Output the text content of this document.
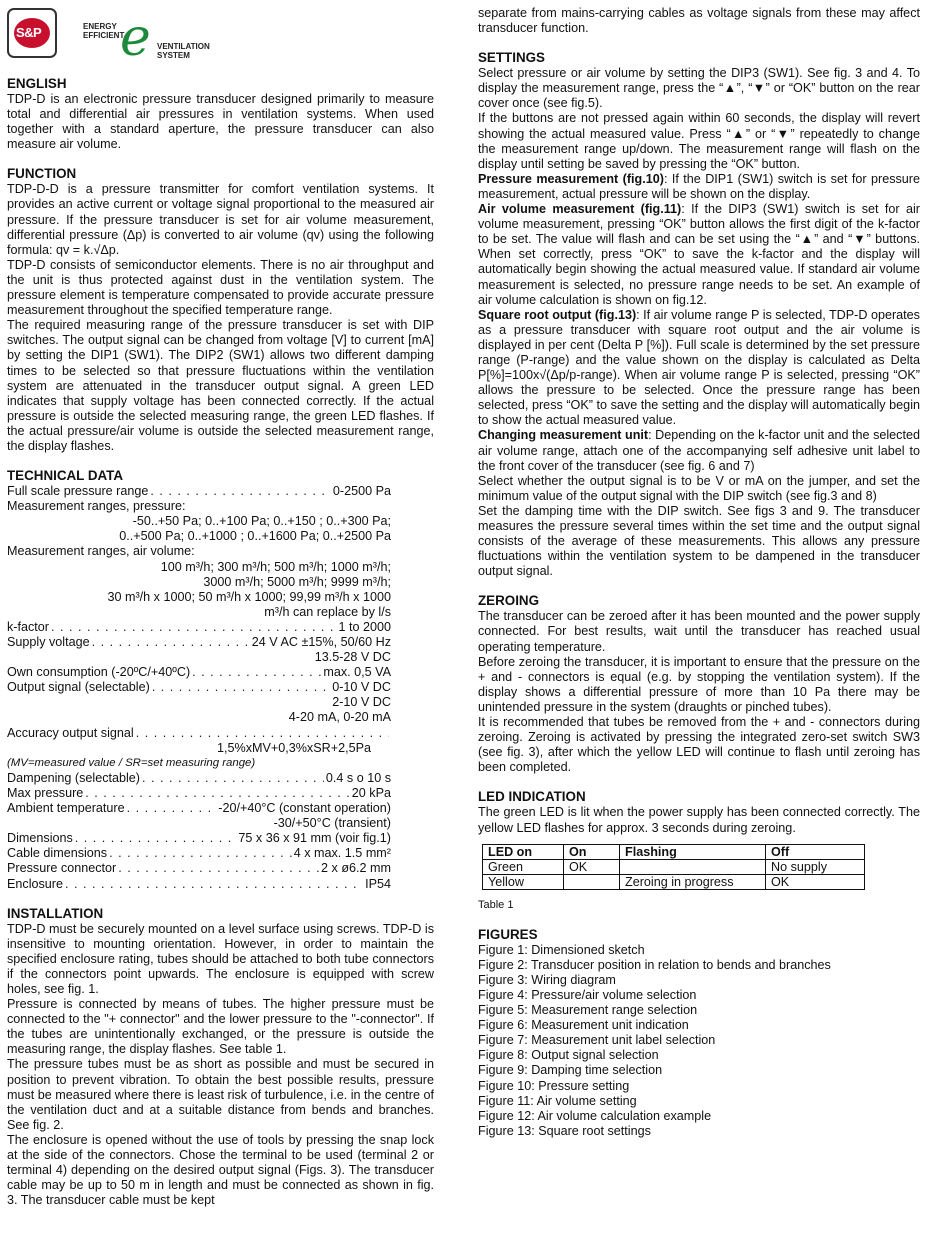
S&P	ENERGY
EFFICIENT
e VENTILATION
SYSTEM
ENGLISH

TDP-D is an electronic pressure transducer designed primarily to measure total and differential air pressures in ventilation systems. When used together with a standard aperture, the pressure transducer can also measure air volume.

FUNCTION

TDP-D-D is a pressure transmitter for comfort ventilation systems. It provides an active current or voltage signal proportional to the measured air pressure. If the pressure transducer is set for air volume measurement, differential pressure (Δp) is converted to air volume (qv) using the following formula: qv = k.√Δp.

TDP-D consists of semiconductor elements. There is no air throughput and the unit is thus protected against dust in the ventilation system. The pressure element is temperature compensated to provide accurate pressure measurement throughout the specified temperature range.

The required measuring range of the pressure transducer is set with DIP switches. The output signal can be changed from voltage [V] to current [mA] by setting the DIP1 (SW1). The DIP2 (SW1) allows two different damping times to be selected so that pressure fluctuations within the ventilation system are attenuated in the transducer output signal. A green LED indicates that supply voltage has been connected correctly. If the actual pressure is outside the selected measuring range, the green LED flashes. If the actual pressure/air volume is outside the selected measurement range, the display flashes.

TECHNICAL DATA
Full scale pressure range . . .	0-2500 Pa
Measurement ranges, pressure:
-50..+50 Pa; 0..+100 Pa; 0..+150 ; 0..+300 Pa;
0..+500 Pa; 0..+1000 ; 0..+1600 Pa; 0..+2500 Pa
Measurement ranges, air volume:
100 m³/h; 300 m³/h; 500 m³/h; 1000 m³/h;
3000 m³/h; 5000 m³/h; 9999 m³/h;
30 m³/h x 1000; 50 m³/h x 1000; 99,99 m³/h x 1000
m³/h can replace by l/s
k-factor . . .	1 to 2000
Supply voltage . . .	24 V AC ±15%, 50/60 Hz
13.5-28 V DC
Own consumption (-20ºC/+40ºC) . . .	max. 0,5 VA
Output signal (selectable) . . .	0-10 V DC
2-10 V DC
4-20 mA, 0-20 mA
Accuracy output signal
. . .
1,5%xMV+0,3%xSR+2,5Pa
(MV=measured value / SR=set measuring range)
Dampening (selectable) . . .	0.4 s o 10 s
Max pressure . . .	20 kPa
Ambient temperature . . .	-20/+40°C (constant operation)
-30/+50°C (transient)
Dimensions . . .	75 x 36 x 91 mm (voir fig.1)
Cable dimensions . . .	4 x max. 1.5 mm²
Pressure connector . . .	2 x ø6.2 mm
Enclosure . . .	IP54
INSTALLATION

TDP-D must be securely mounted on a level surface using screws. TDP-D is insensitive to mounting orientation. However, in order to maintain the specified enclosure rating, tubes should be attached to both tube connectors if the connectors point upwards. The enclosure is equipped with screw holes, see fig. 1.

Pressure is connected by means of tubes. The higher pressure must be connected to the "+ connector" and the lower pressure to the "-connector". If the tubes are unintentionally exchanged, or the pressure is outside the measuring range, the display flashes. See table 1.

The pressure tubes must be as short as possible and must be secured in position to prevent vibration. To obtain the best possible results, pressure must be measured where there is least risk of turbulence, i.e. in the centre of the ventilation duct and at a suitable distance from bends and branches. See fig. 2.

The enclosure is opened without the use of tools by pressing the snap lock at the side of the connectors. Chose the terminal to be used (terminal 2 or terminal 4) depending on the desired output signal (Figs. 3). The transducer cable may be up to 50 m in length and must be connected as shown in fig. 3. The transducer cable must be kept

separate from mains-carrying cables as voltage signals from these may affect transducer function.

SETTINGS

Select pressure or air volume by setting the DIP3 (SW1). See fig. 3 and 4. To display the measurement range, press the “▲”, “▼” or “OK” button on the rear cover once (see fig.5).

If the buttons are not pressed again within 60 seconds, the display will revert showing the actual measured value. Press “▲” or “▼” repeatedly to change the measurement range up/down. The measurement range will flash on the display until setting be saved by pressing the “OK” button.

Pressure measurement (fig.10): If the DIP1 (SW1) switch is set for pressure measurement, actual pressure will be shown on the display.

Air volume measurement (fig.11): If the DIP3 (SW1) switch is set for air volume measurement, pressing “OK” button allows the first digit of the k-factor to be set. The value will flash and can be set using the “▲” and “▼” buttons. When set correctly, press “OK” to save the k-factor and the display will automatically begin showing the actual measured value. If standard air volume measurement is selected, no pressure range needs to be set. An example of air volume calculation is shown on fig.12.

Square root output (fig.13): If air volume range P is selected, TDP-D operates as a pressure transducer with square root output and the air volume is displayed in per cent (Delta P [%]). Full scale is determined by the set pressure range (P-range) and the value shown on the display is calculated as Delta P[%]=100x√(Δp/p-range). When air volume range P is selected, pressing “OK” allows the pressure to be selected. Once the pressure range has been selected, press “OK” to save the setting and the display will automatically begin to show the actual measured value.

Changing measurement unit: Depending on the k-factor unit and the selected air volume range, attach one of the accompanying self adhesive unit label to the front cover of the transducer (see fig. 6 and 7)

Select whether the output signal is to be V or mA on the jumper, and set the minimum value of the output signal with the DIP switch (see fig.3 and 8)

Set the damping time with the DIP switch. See figs 3 and 9. The transducer measures the pressure several times within the set time and the output signal consists of the average of these measurements. This allows any pressure fluctuations within the ventilation system to be dampened in the transducer output signal.

ZEROING

The transducer can be zeroed after it has been mounted and the power supply connected. For best results, wait until the transducer has reached usual operating temperature.

Before zeroing the transducer, it is important to ensure that the pressure on the + and - connectors is equal (e.g. by stopping the ventilation system). If the display shows a differential pressure of more than 10 Pa there may be unintended pressure in the system (draughts or pinched tubes).

It is recommended that tubes be removed from the + and - connectors during zeroing. Zeroing is activated by pressing the integrated zero-set switch SW3 (see fig. 3), after which the yellow LED will continue to flash until zeroing has been completed.

LED INDICATION

The green LED is lit when the power supply has been connected correctly. The yellow LED flashes for approx. 3 seconds during zeroing.

LED on	On	Flashing	Off
Green	OK		No supply
Yellow		Zeroing in progress	OK
Table 1
FIGURES
Figure 1: Dimensioned sketch
Figure 2: Transducer position in relation to bends and branches
Figure 3: Wiring diagram
Figure 4: Pressure/air volume selection
Figure 5: Measurement range selection
Figure 6: Measurement unit indication
Figure 7: Measurement unit label selection
Figure 8: Output signal selection
Figure 9: Damping time selection
Figure 10: Pressure setting
Figure 11: Air volume setting
Figure 12: Air volume calculation example
Figure 13: Square root settings
